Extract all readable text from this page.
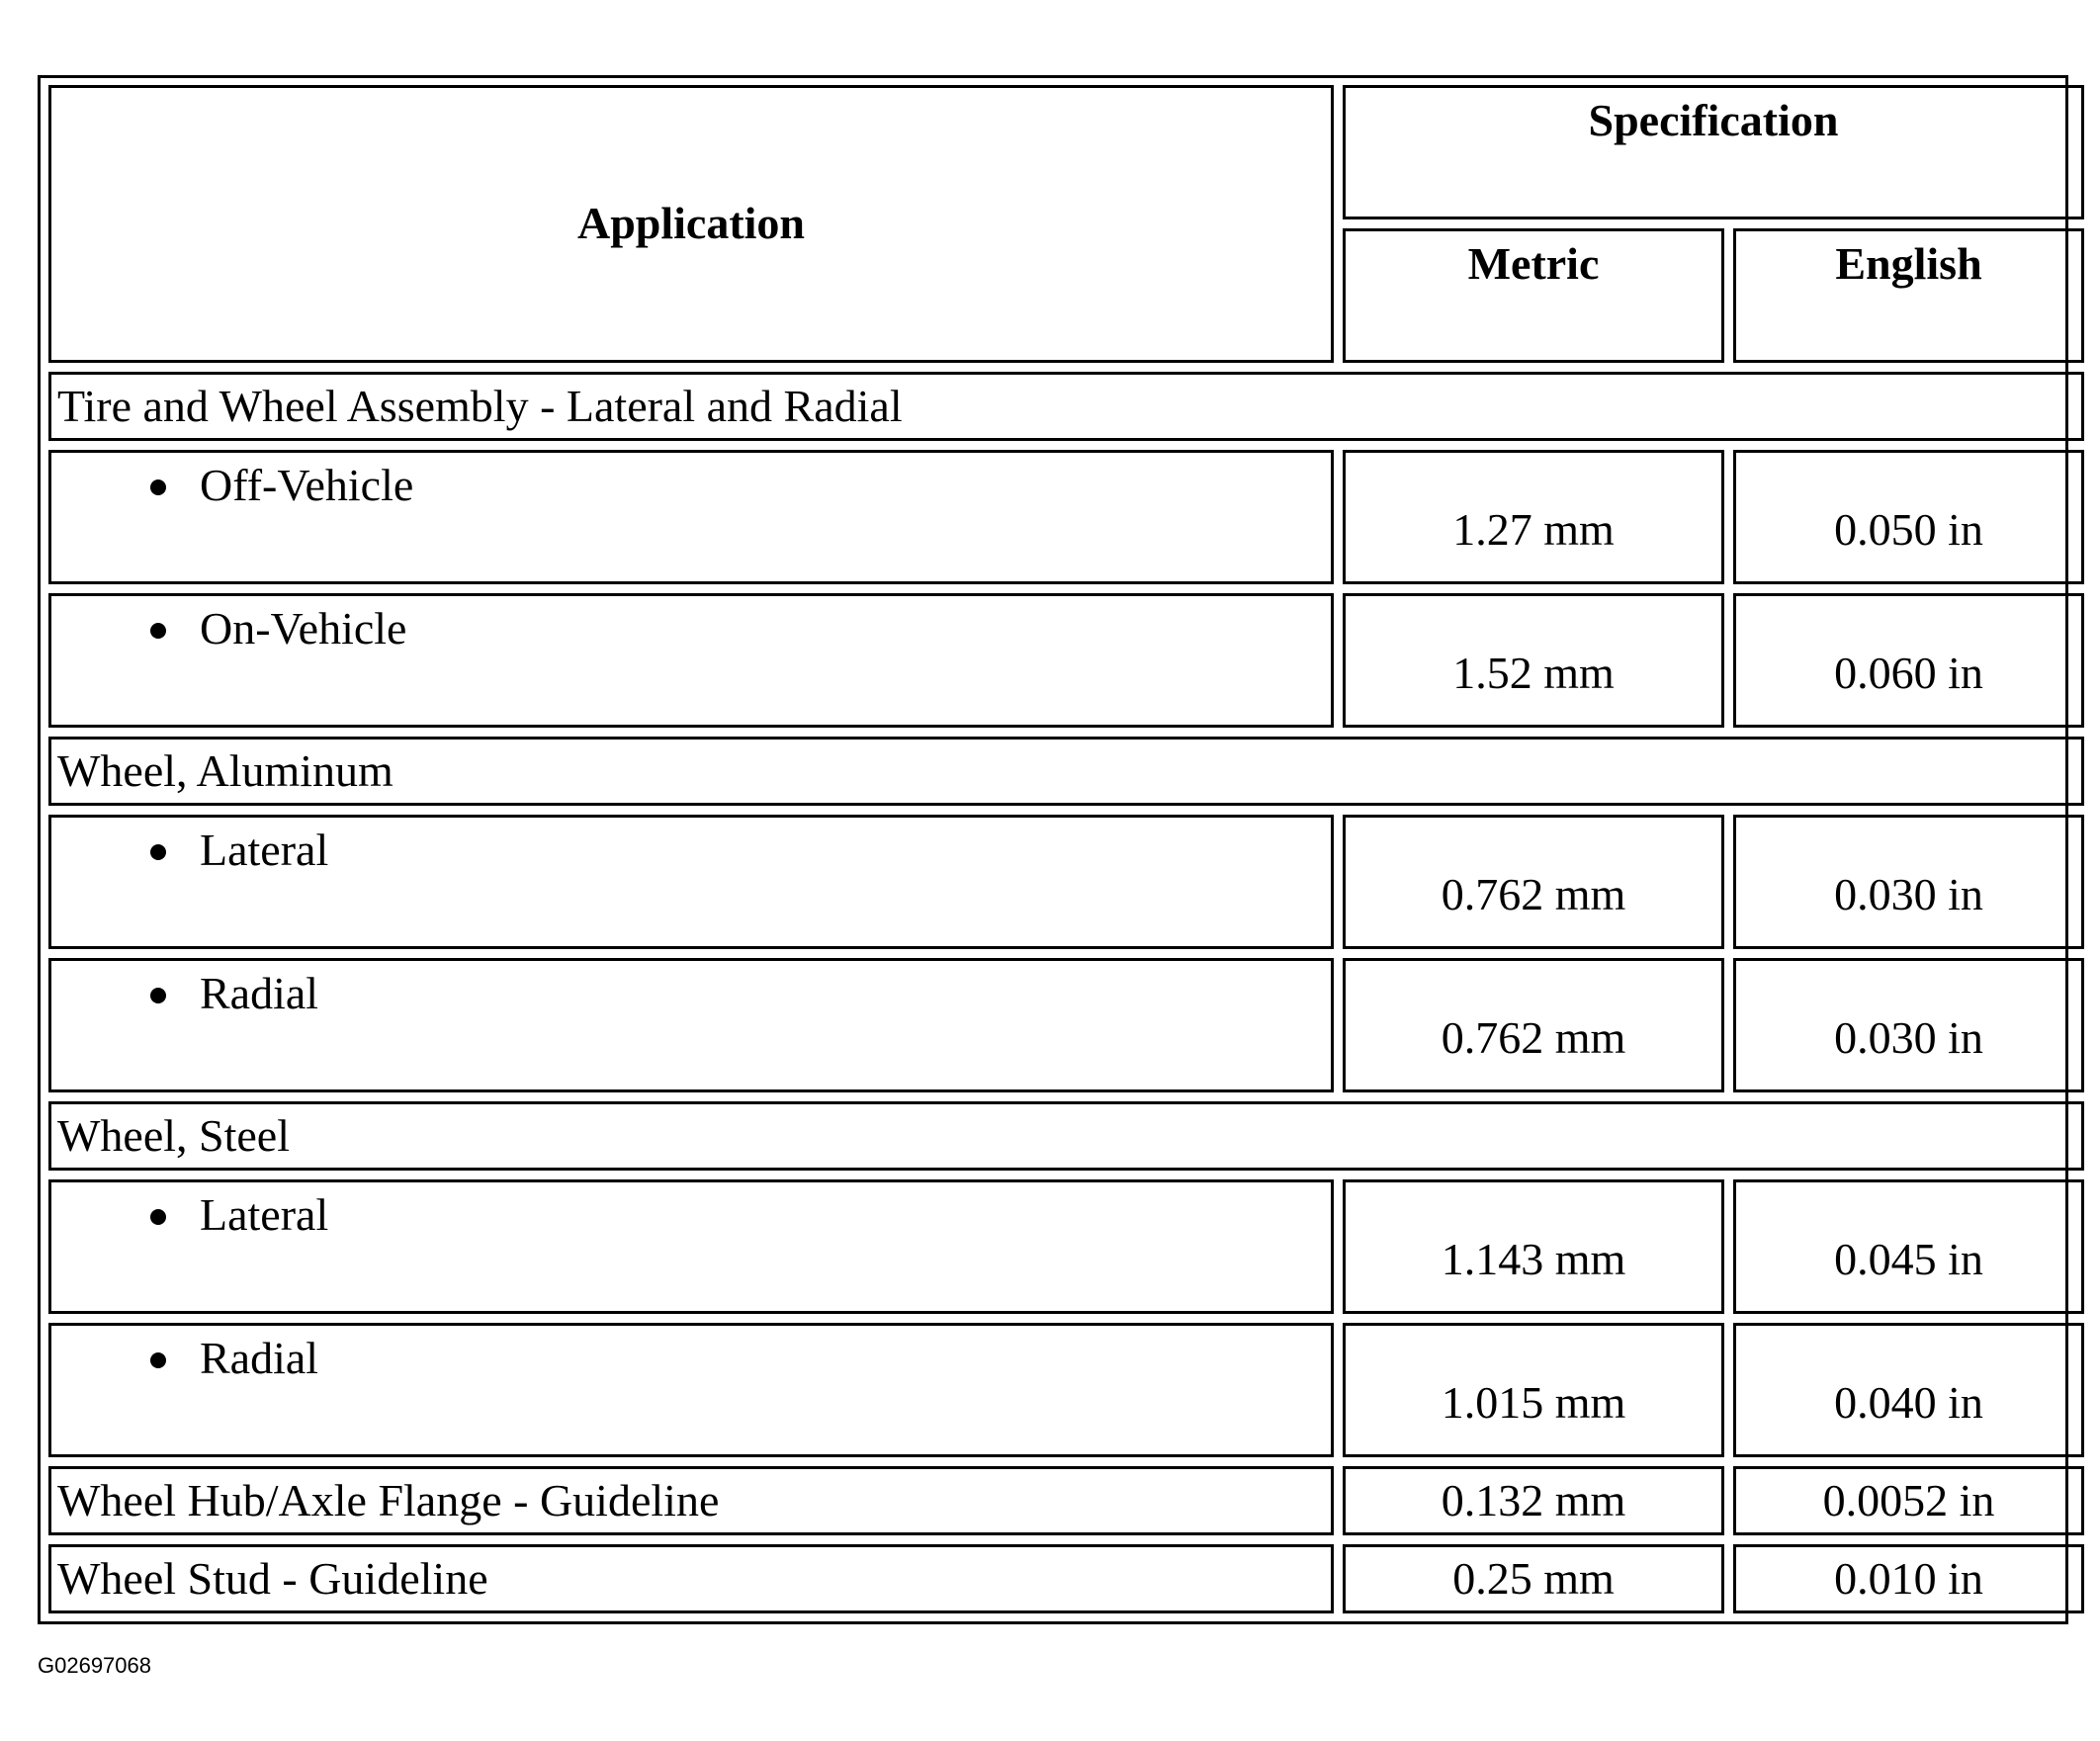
Application	Specification	
	Metric	English
Tire and Wheel Assembly - Lateral and Radial		
Off-Vehicle	1.27 mm	0.050 in
On-Vehicle	1.52 mm	0.060 in
Wheel, Aluminum		
Lateral	0.762 mm	0.030 in
Radial	0.762 mm	0.030 in
Wheel, Steel		
Lateral	1.143 mm	0.045 in
Radial	1.015 mm	0.040 in
Wheel Hub/Axle Flange - Guideline	0.132 mm	0.0052 in
Wheel Stud - Guideline	0.25 mm	0.010 in
G02697068
